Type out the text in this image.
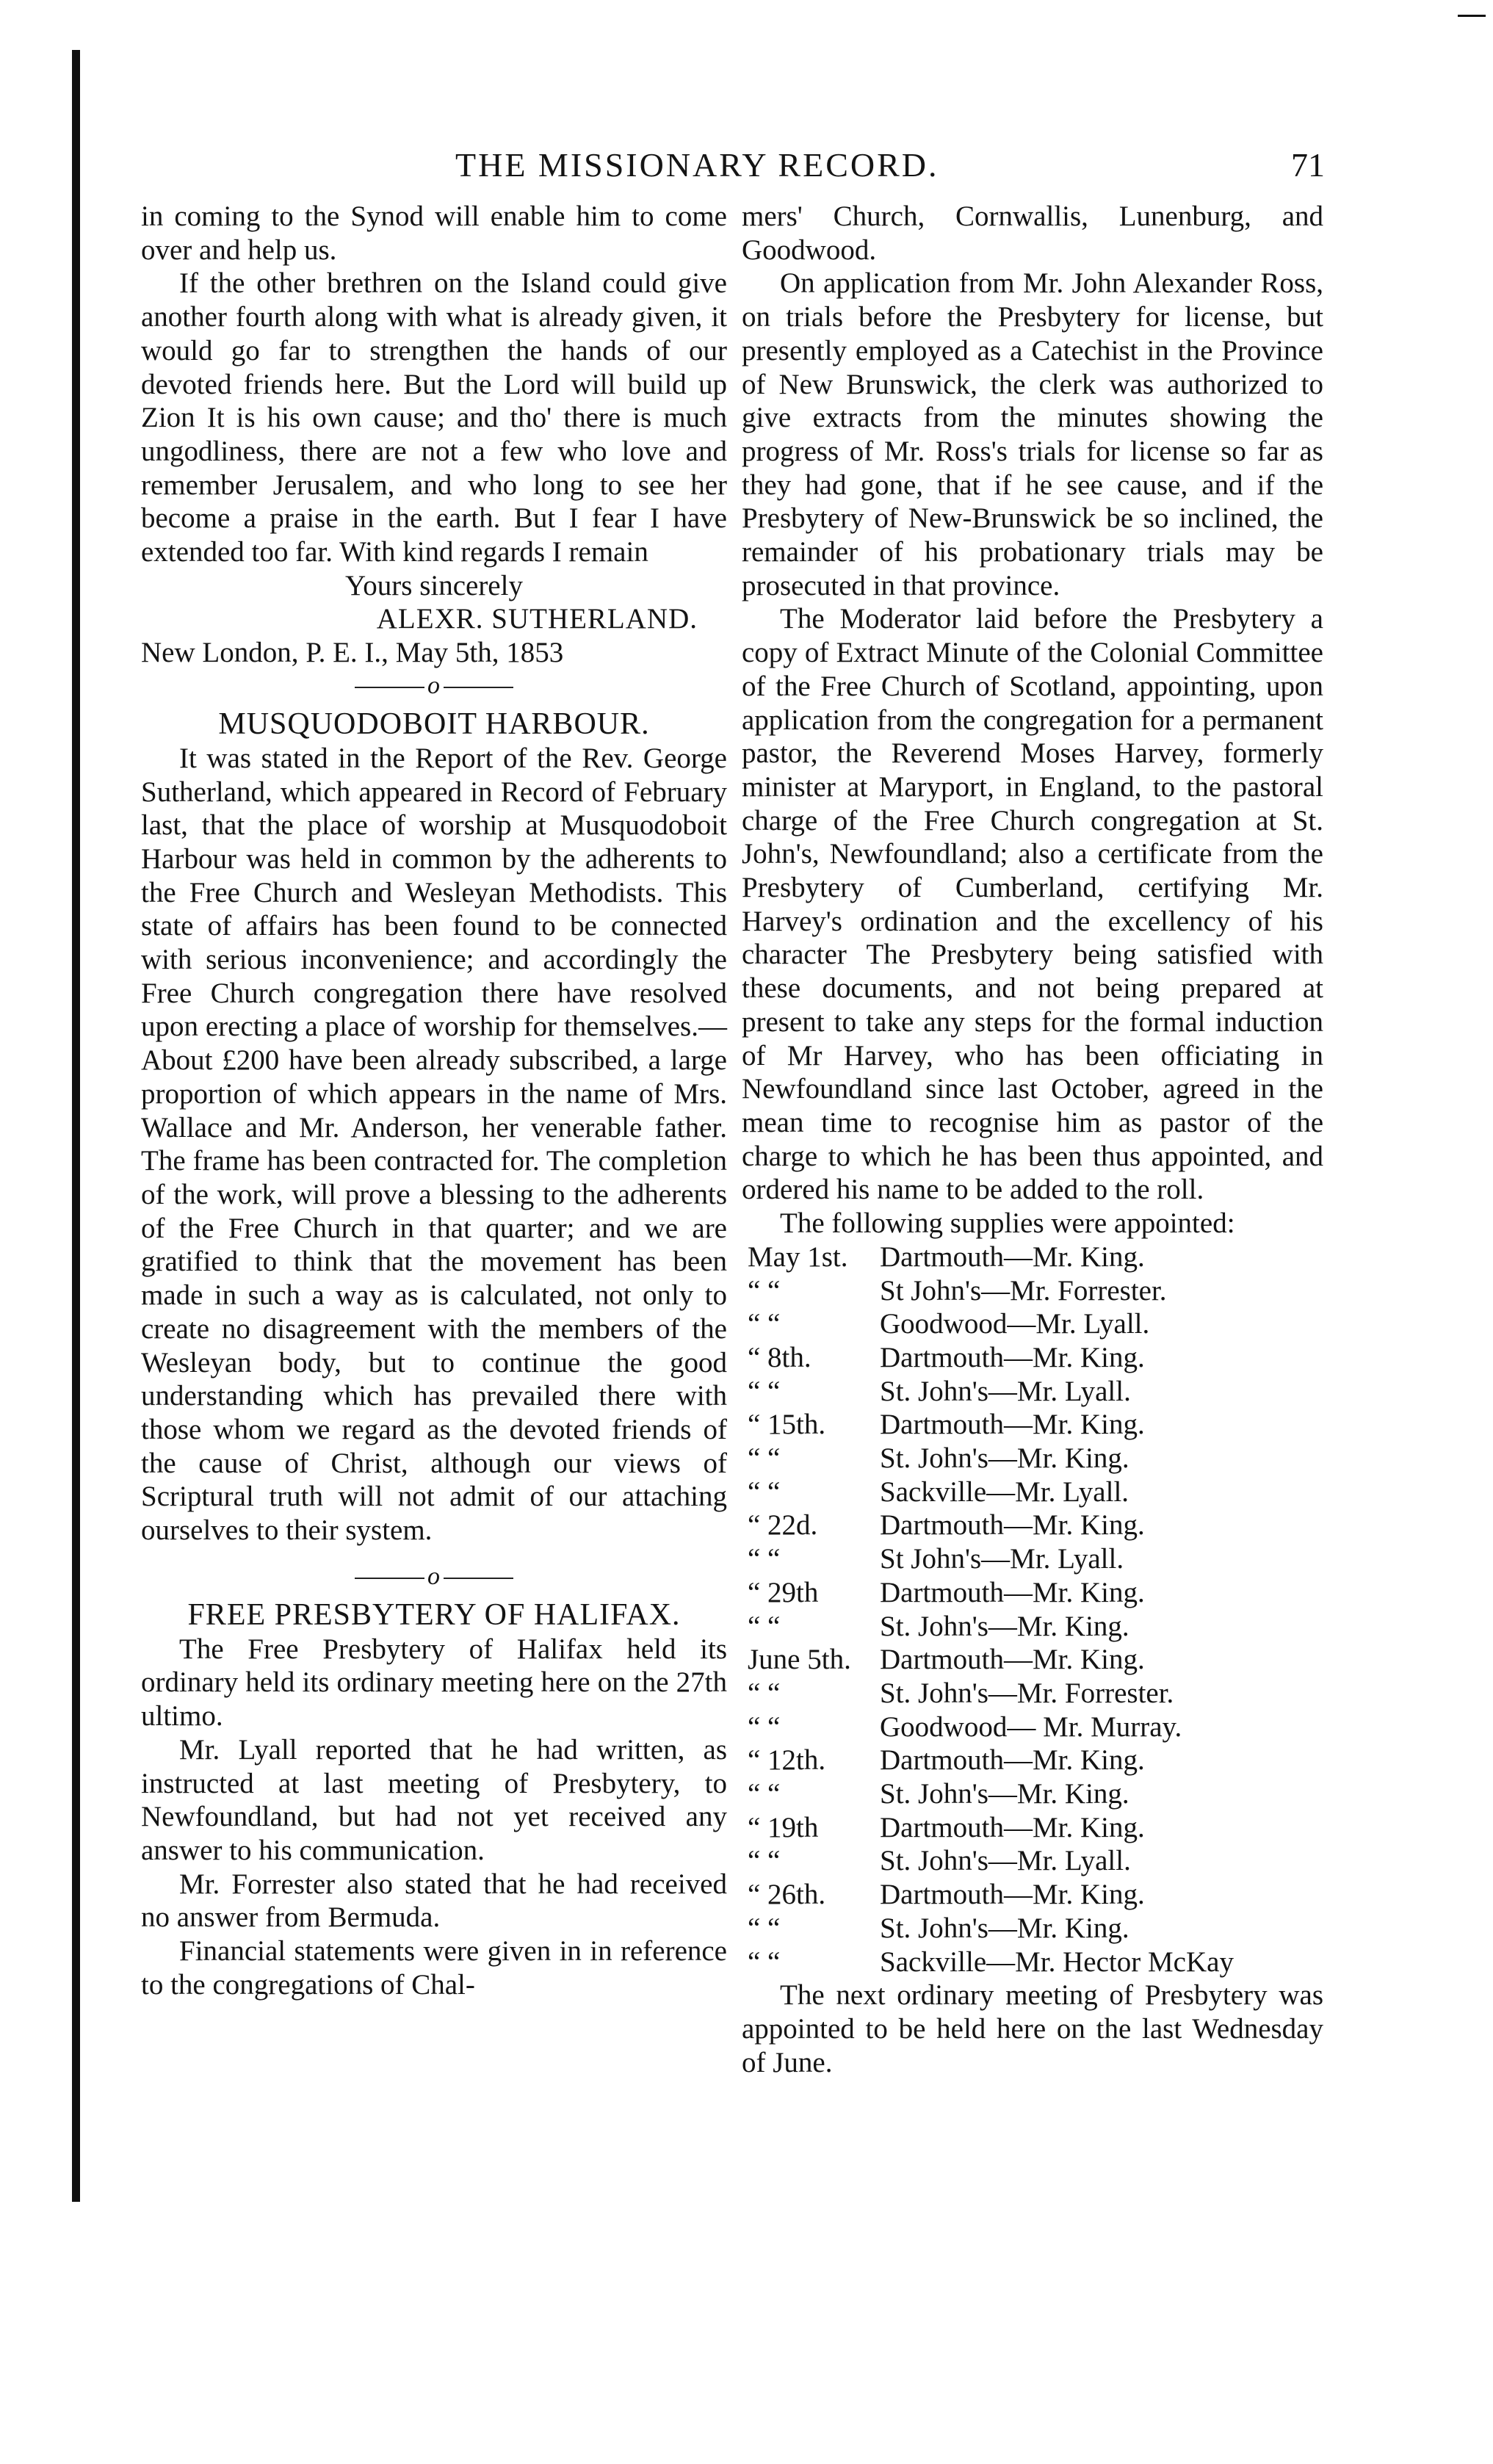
THE MISSIONARY RECORD.	71

in coming to the Synod will enable him to come over and help us.

If the other brethren on the Island could give another fourth along with what is already given, it would go far to strengthen the hands of our devoted friends here. But the Lord will build up Zion It is his own cause; and tho' there is much ungodliness, there are not a few who love and remember Jerusalem, and who long to see her become a praise in the earth. But I fear I have extended too far. With kind regards I remain

Yours sincerely

ALEXR. SUTHERLAND.

New London, P. E. I., May 5th, 1853

o
MUSQUODOBOIT HARBOUR.

It was stated in the Report of the Rev. George Sutherland, which appeared in Record of February last, that the place of worship at Musquodoboit Harbour was held in common by the adherents to the Free Church and Wesleyan Methodists. This state of affairs has been found to be connected with serious inconvenience; and accordingly the Free Church congregation there have resolved upon erecting a place of worship for themselves.— About £200 have been already subscribed, a large proportion of which appears in the name of Mrs. Wallace and Mr. Anderson, her venerable father. The frame has been contracted for. The completion of the work, will prove a blessing to the adherents of the Free Church in that quarter; and we are gratified to think that the movement has been made in such a way as is calculated, not only to create no disagreement with the members of the Wesleyan body, but to continue the good understanding which has prevailed there with those whom we regard as the devoted friends of the cause of Christ, although our views of Scriptural truth will not admit of our attaching ourselves to their system.

o
FREE PRESBYTERY OF HALIFAX.

The Free Presbytery of Halifax held its ordinary held its ordinary meeting here on the 27th ultimo.

Mr. Lyall reported that he had written, as instructed at last meeting of Presbytery, to Newfoundland, but had not yet received any answer to his communication.

Mr. Forrester also stated that he had received no answer from Bermuda.

Financial statements were given in in reference to the congregations of Chal-

mers' Church, Cornwallis, Lunenburg, and Goodwood.

On application from Mr. John Alexander Ross, on trials before the Presbytery for license, but presently employed as a Catechist in the Province of New Brunswick, the clerk was authorized to give extracts from the minutes showing the progress of Mr. Ross's trials for license so far as they had gone, that if he see cause, and if the Presbytery of New-Brunswick be so inclined, the remainder of his probationary trials may be prosecuted in that province.

The Moderator laid before the Presbytery a copy of Extract Minute of the Colonial Committee of the Free Church of Scotland, appointing, upon application from the congregation for a permanent pastor, the Reverend Moses Harvey, formerly minister at Maryport, in England, to the pastoral charge of the Free Church congregation at St. John's, Newfoundland; also a certificate from the Presbytery of Cumberland, certifying Mr. Harvey's ordination and the excellency of his character The Presbytery being satisfied with these documents, and not being prepared at present to take any steps for the formal induction of Mr Harvey, who has been officiating in Newfoundland since last October, agreed in the mean time to recognise him as pastor of the charge to which he has been thus appointed, and ordered his name to be added to the roll.

The following supplies were appointed:

May 1st.	Dartmouth—Mr. King.
“ “	St John's—Mr. Forrester.
“ “	Goodwood—Mr. Lyall.
“ 8th.	Dartmouth—Mr. King.
“ “	St. John's—Mr. Lyall.
“ 15th.	Dartmouth—Mr. King.
“ “	St. John's—Mr. King.
“ “	Sackville—Mr. Lyall.
“ 22d.	Dartmouth—Mr. King.
“ “	St John's—Mr. Lyall.
“ 29th	Dartmouth—Mr. King.
“ “	St. John's—Mr. King.
June 5th.	Dartmouth—Mr. King.
“ “	St. John's—Mr. Forrester.
“ “	Goodwood— Mr. Murray.
“ 12th.	Dartmouth—Mr. King.
“ “	St. John's—Mr. King.
“ 19th	Dartmouth—Mr. King.
“ “	St. John's—Mr. Lyall.
“ 26th.	Dartmouth—Mr. King.
“ “	St. John's—Mr. King.
“ “	Sackville—Mr. Hector McKay

The next ordinary meeting of Presbytery was appointed to be held here on the last Wednesday of June.
